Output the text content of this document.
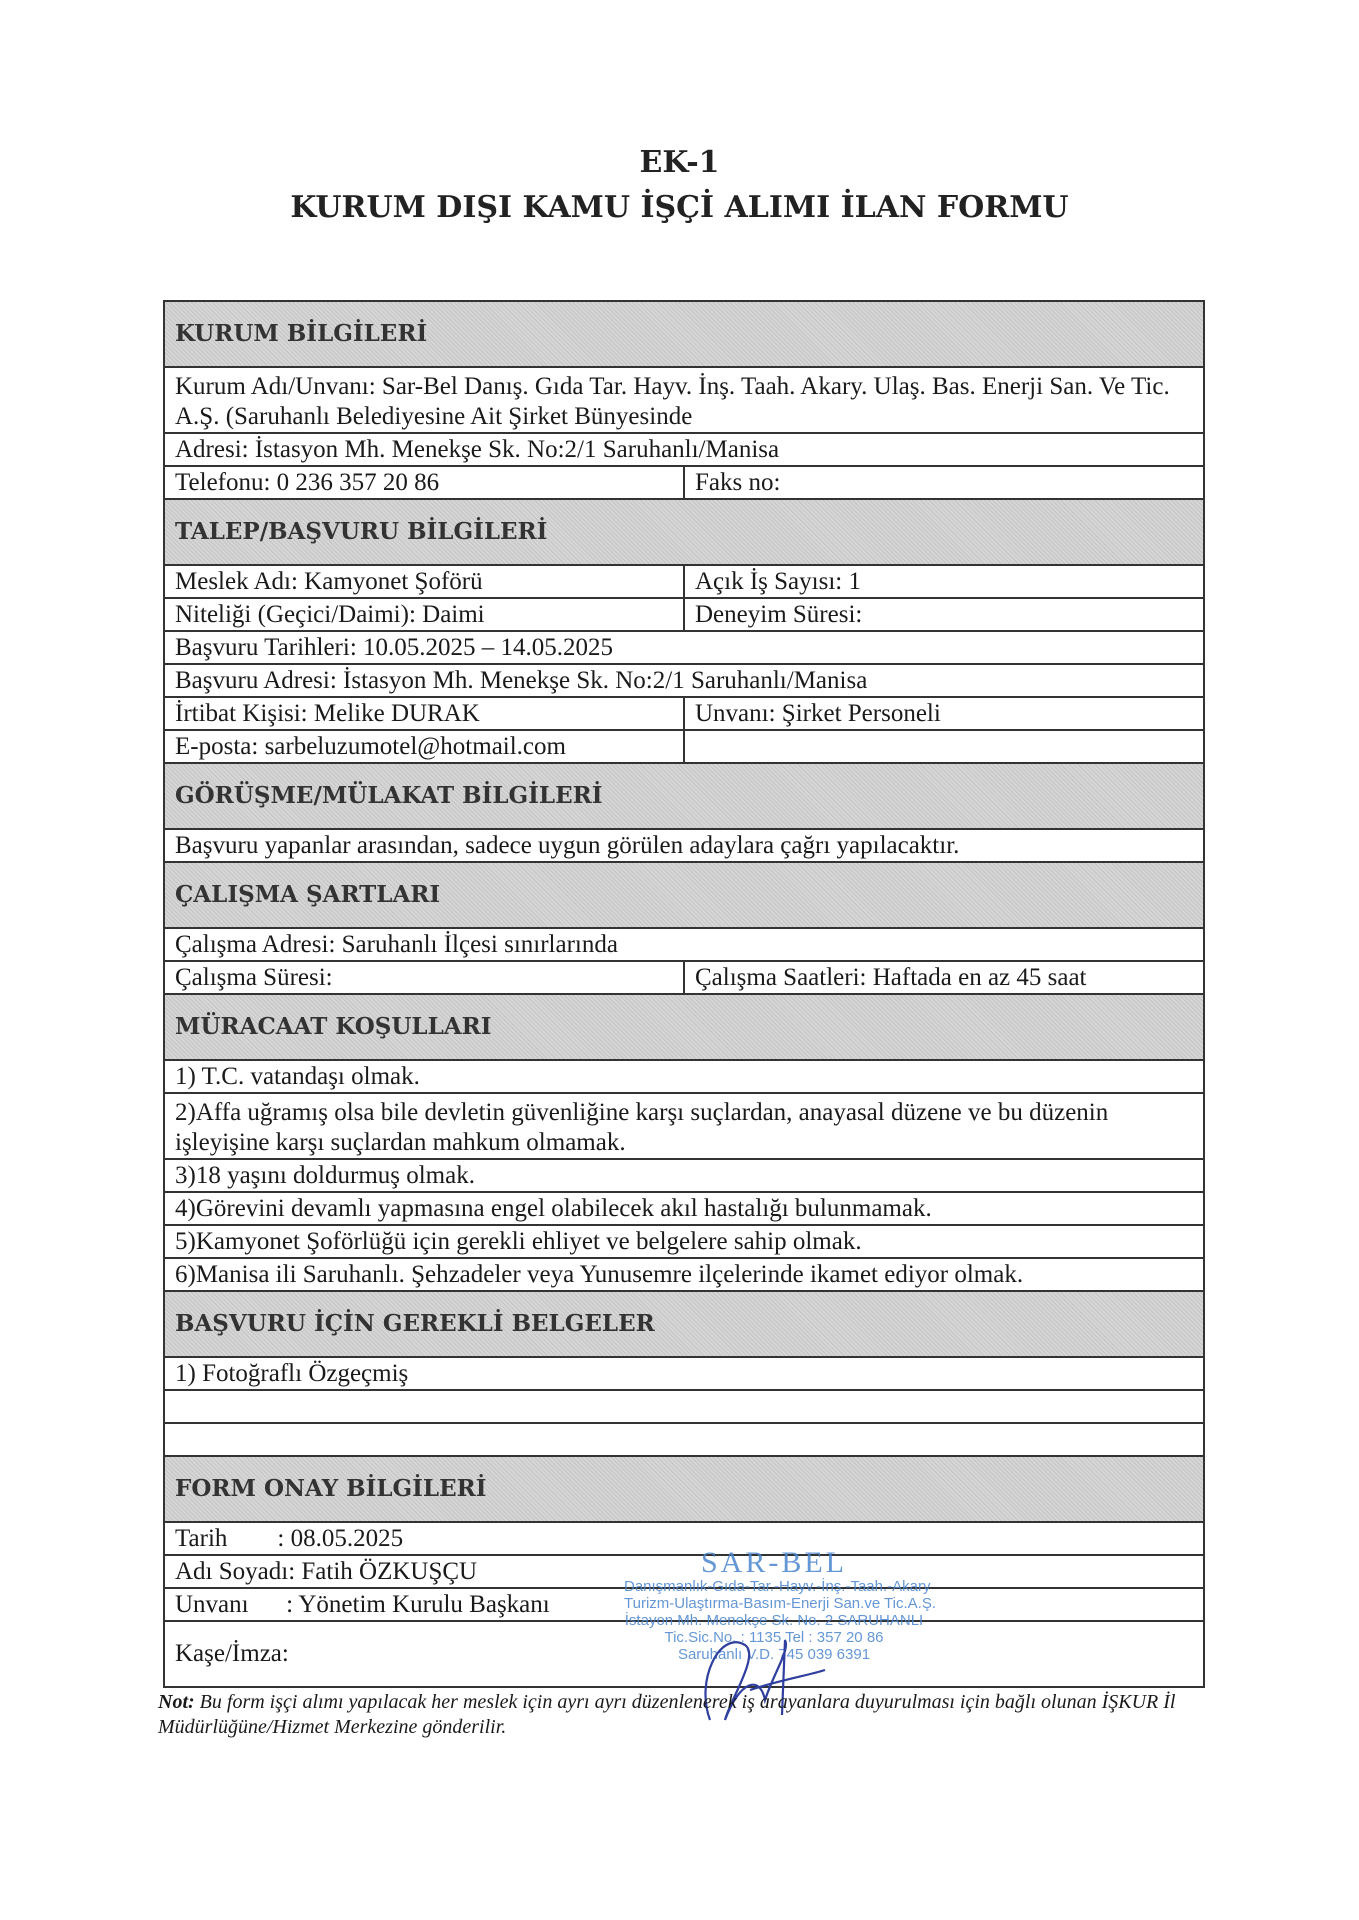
EK-1
KURUM DIŞI KAMU İŞÇİ ALIMI İLAN FORMU
KURUM BİLGİLERİ
Kurum Adı/Unvanı: Sar-Bel Danış. Gıda Tar. Hayv. İnş. Taah. Akary. Ulaş. Bas. Enerji San. Ve Tic. A.Ş. (Saruhanlı Belediyesine Ait Şirket Bünyesinde
Adresi: İstasyon Mh. Menekşe Sk. No:2/1 Saruhanlı/Manisa
Telefonu: 0 236 357 20 86	Faks no:
TALEP/BAŞVURU BİLGİLERİ
Meslek Adı: Kamyonet Şoförü	Açık İş Sayısı: 1
Niteliği (Geçici/Daimi): Daimi	Deneyim Süresi:
Başvuru Tarihleri: 10.05.2025 – 14.05.2025
Başvuru Adresi: İstasyon Mh. Menekşe Sk. No:2/1 Saruhanlı/Manisa
İrtibat Kişisi: Melike DURAK	Unvanı: Şirket Personeli
E-posta: sarbeluzumotel@hotmail.com
GÖRÜŞME/MÜLAKAT BİLGİLERİ
Başvuru yapanlar arasından, sadece uygun görülen adaylara çağrı yapılacaktır.
ÇALIŞMA ŞARTLARI
Çalışma Adresi: Saruhanlı İlçesi sınırlarında
Çalışma Süresi:	Çalışma Saatleri: Haftada en az 45 saat
MÜRACAAT KOŞULLARI
1) T.C. vatandaşı olmak.
2)Affa uğramış olsa bile devletin güvenliğine karşı suçlardan, anayasal düzene ve bu düzenin işleyişine karşı suçlardan mahkum olmamak.
3)18 yaşını doldurmuş olmak.
4)Görevini devamlı yapmasına engel olabilecek akıl hastalığı bulunmamak.
5)Kamyonet Şoförlüğü için gerekli ehliyet ve belgelere sahip olmak.
6)Manisa ili Saruhanlı. Şehzadeler veya Yunusemre ilçelerinde ikamet ediyor olmak.
BAŞVURU İÇİN GEREKLİ BELGELER
1) Fotoğraflı Özgeçmiş
FORM ONAY BİLGİLERİ
Tarih        : 08.05.2025
Adı Soyadı: Fatih ÖZKUŞÇU
Unvanı      : Yönetim Kurulu Başkanı
Kaşe/İmza:
SAR-BEL
Danışmanlık-Gıda-Tar.-Hayv.-İnş.-Taah.-Akary
Turizm-Ulaştırma-Basım-Enerji San.ve Tic.A.Ş.
İstayon Mh. Menekşe Sk. No. 2 SARUHANLI
Tic.Sic.No. : 1135 Tel : 357 20 86
Saruhanlı V.D. 745 039 6391
Not: Bu form işçi alımı yapılacak her meslek için ayrı ayrı düzenlenerek iş arayanlara duyurulması için bağlı olunan İŞKUR İl Müdürlüğüne/Hizmet Merkezine gönderilir.
